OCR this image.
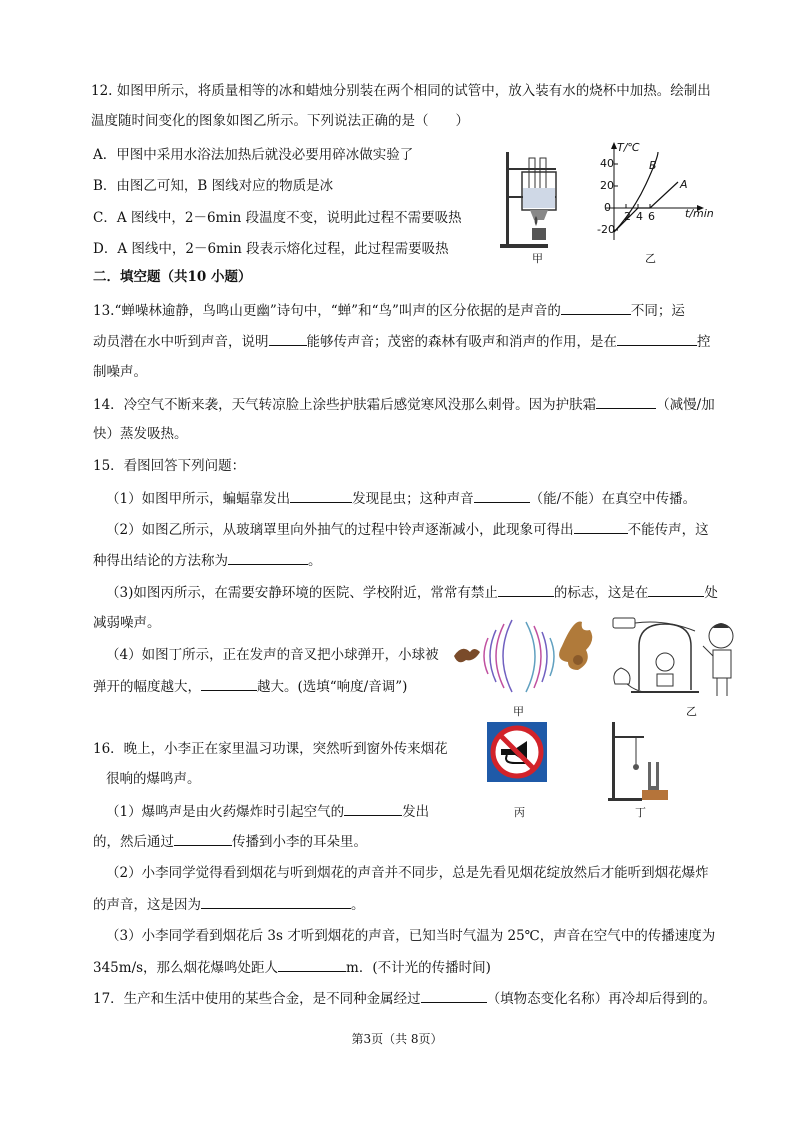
12. 如图甲所示，将质量相等的冰和蜡烛分别装在两个相同的试管中，放入装有水的烧杯中加热。绘制出
温度随时间变化的图象如图乙所示。下列说法正确的是（　　）
A．甲图中采用水浴法加热后就没必要用碎冰做实验了
B．由图乙可知，B 图线对应的物质是冰
C．A 图线中，2－6min 段温度不变，说明此过程不需要吸热
D．A 图线中，2－6min 段表示熔化过程，此过程需要吸热
甲
T/℃
t/min
40
20
0
-20
2 4 6
A
B
乙
二．填空题（共10 小题）
13.“蝉噪林逾静，鸟鸣山更幽”诗句中，“蝉”和“鸟”叫声的区分依据的是声音的	不同；运
动员潜在水中听到声音，说明	能够传声音；茂密的森林有吸声和消声的作用，是在	控
制噪声。
14．冷空气不断来袭，天气转凉脸上涂些护肤霜后感觉寒风没那么刺骨。因为护肤霜	（减慢/加
快）蒸发吸热。
15．看图回答下列问题：
（1）如图甲所示，蝙蝠靠发出	发现昆虫；这种声音	（能/不能）在真空中传播。
（2）如图乙所示，从玻璃罩里向外抽气的过程中铃声逐渐减小，此现象可得出	不能传声，这
种得出结论的方法称为	。
（3)如图丙所示，在需要安静环境的医院、学校附近，常常有禁止	的标志，这是在	处
减弱噪声。
（4）如图丁所示，正在发声的音叉把小球弹开，小球被
弹开的幅度越大，	越大。(选填“响度/音调”)
甲	乙
16．晚上，小李正在家里温习功课，突然听到窗外传来烟花
很响的爆鸣声。
（1）爆鸣声是由火药爆炸时引起空气的	发出
的，然后通过	传播到小李的耳朵里。
丙	丁
（2）小李同学觉得看到烟花与听到烟花的声音并不同步，总是先看见烟花绽放然后才能听到烟花爆炸
的声音，这是因为	。
（3）小李同学看到烟花后 3s 才听到烟花的声音，已知当时气温为 25℃，声音在空气中的传播速度为
345m/s，那么烟花爆鸣处距人	m．(不计光的传播时间)
17．生产和生活中使用的某些合金，是不同种金属经过	（填物态变化名称）再冷却后得到的。
第3页（共 8页）
